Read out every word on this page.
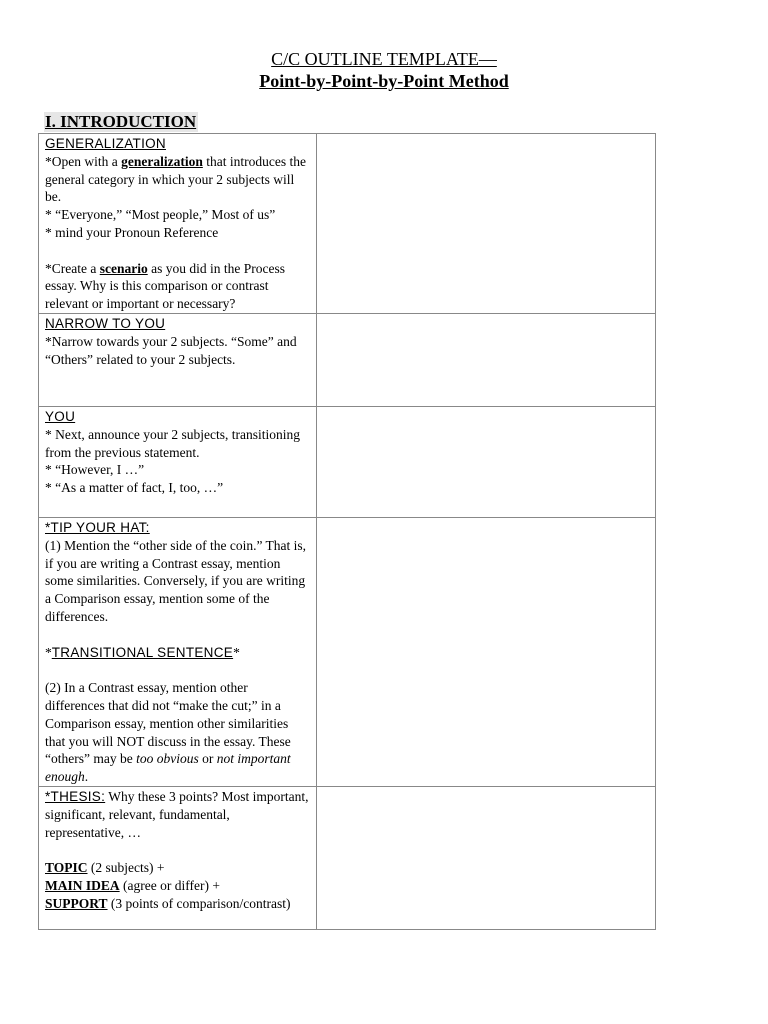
C/C OUTLINE TEMPLATE—
Point-by-Point-by-Point Method
I. INTRODUCTION
GENERALIZATION
*Open with a generalization that introduces the general category in which your 2 subjects will be.
* “Everyone,” “Most people,” Most of us”
* mind your Pronoun Reference
*Create a scenario as you did in the Process essay. Why is this comparison or contrast relevant or important or necessary?	

NARROW TO YOU
*Narrow towards your 2 subjects. “Some” and “Others” related to your 2 subjects.	

YOU
* Next, announce your 2 subjects, transitioning from the previous statement.
* “However, I …”
* “As a matter of fact, I, too, …”	

*TIP YOUR HAT:
(1) Mention the “other side of the coin.” That is, if you are writing a Contrast essay, mention some similarities. Conversely, if you are writing a Comparison essay, mention some of the differences.
*TRANSITIONAL SENTENCE*
(2) In a Contrast essay, mention other differences that did not “make the cut;” in a Comparison essay, mention other similarities that you will NOT discuss in the essay. These “others” may be too obvious or not important enough.	

*THESIS: Why these 3 points? Most important, significant, relevant, fundamental, representative, …
TOPIC (2 subjects) +
MAIN IDEA (agree or differ) +
SUPPORT (3 points of comparison/contrast)	
